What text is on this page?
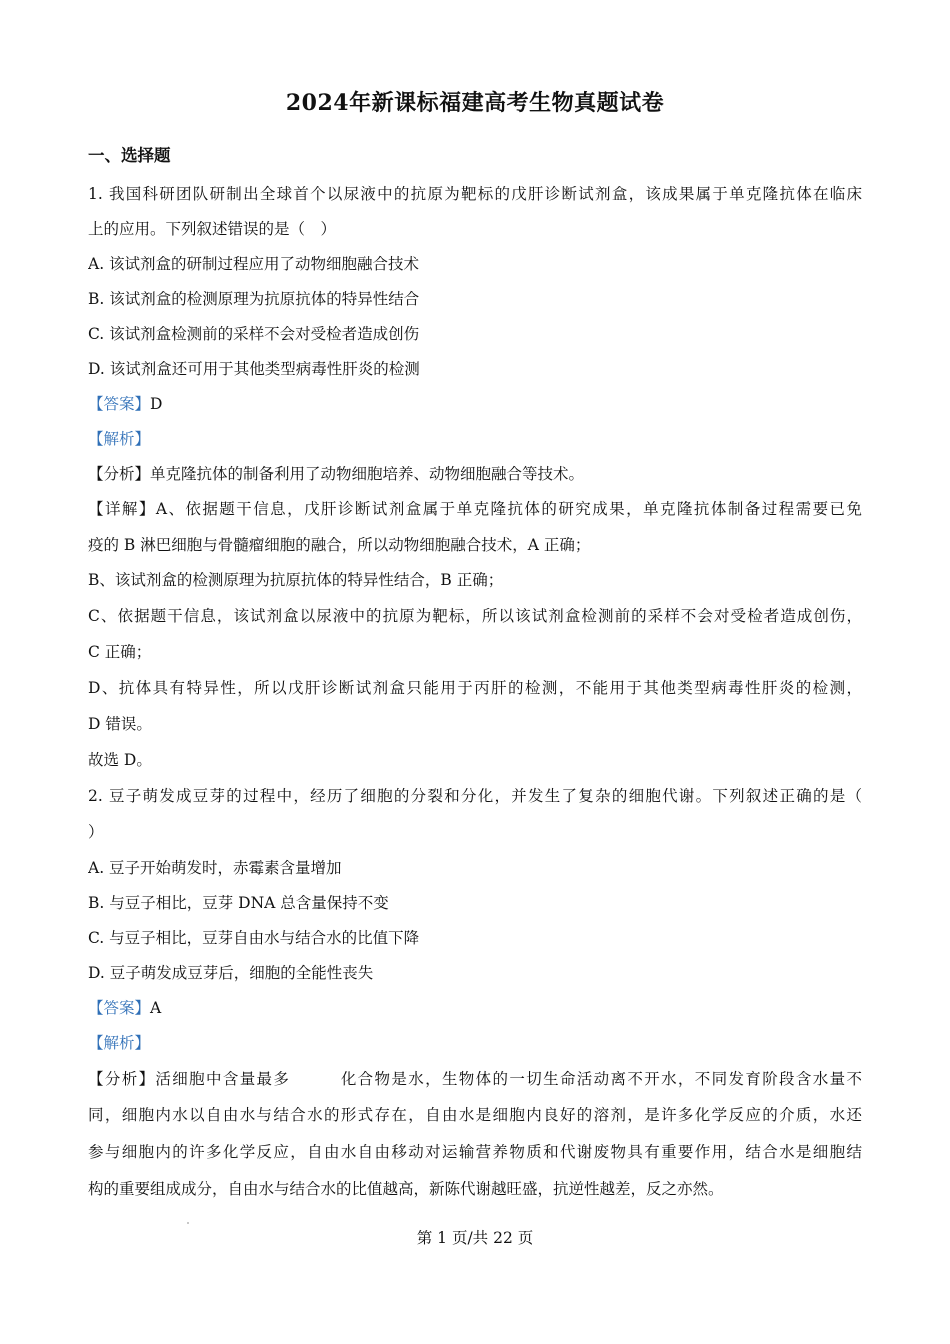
2024年新课标福建高考生物真题试卷
一、选择题
1. 我国科研团队研制出全球首个以尿液中的抗原为靶标的戊肝诊断试剂盒，该成果属于单克隆抗体在临床
上的应用。下列叙述错误的是（　）
A. 该试剂盒的研制过程应用了动物细胞融合技术
B. 该试剂盒的检测原理为抗原抗体的特异性结合
C. 该试剂盒检测前的采样不会对受检者造成创伤
D. 该试剂盒还可用于其他类型病毒性肝炎的检测
【答案】D
【解析】
【分析】单克隆抗体的制备利用了动物细胞培养、动物细胞融合等技术。
【详解】A、依据题干信息，戊肝诊断试剂盒属于单克隆抗体的研究成果，单克隆抗体制备过程需要已免
疫的 B 淋巴细胞与骨髓瘤细胞的融合，所以动物细胞融合技术，A 正确；
B、该试剂盒的检测原理为抗原抗体的特异性结合，B 正确；
C、依据题干信息，该试剂盒以尿液中的抗原为靶标，所以该试剂盒检测前的采样不会对受检者造成创伤，
C 正确；
D、抗体具有特异性，所以戊肝诊断试剂盒只能用于丙肝的检测，不能用于其他类型病毒性肝炎的检测，
D 错误。
故选 D。
2. 豆子萌发成豆芽的过程中，经历了细胞的分裂和分化，并发生了复杂的细胞代谢。下列叙述正确的是（
）
A. 豆子开始萌发时，赤霉素含量增加
B. 与豆子相比，豆芽 DNA 总含量保持不变
C. 与豆子相比，豆芽自由水与结合水的比值下降
D. 豆子萌发成豆芽后，细胞的全能性丧失
【答案】A
【解析】
【分析】活细胞中含量最多　　　化合物是水，生物体的一切生命活动离不开水，不同发育阶段含水量不
同，细胞内水以自由水与结合水的形式存在，自由水是细胞内良好的溶剂，是许多化学反应的介质，水还
参与细胞内的许多化学反应，自由水自由移动对运输营养物质和代谢废物具有重要作用，结合水是细胞结
构的重要组成成分，自由水与结合水的比值越高，新陈代谢越旺盛，抗逆性越差，反之亦然。
第 1 页/共 22 页
